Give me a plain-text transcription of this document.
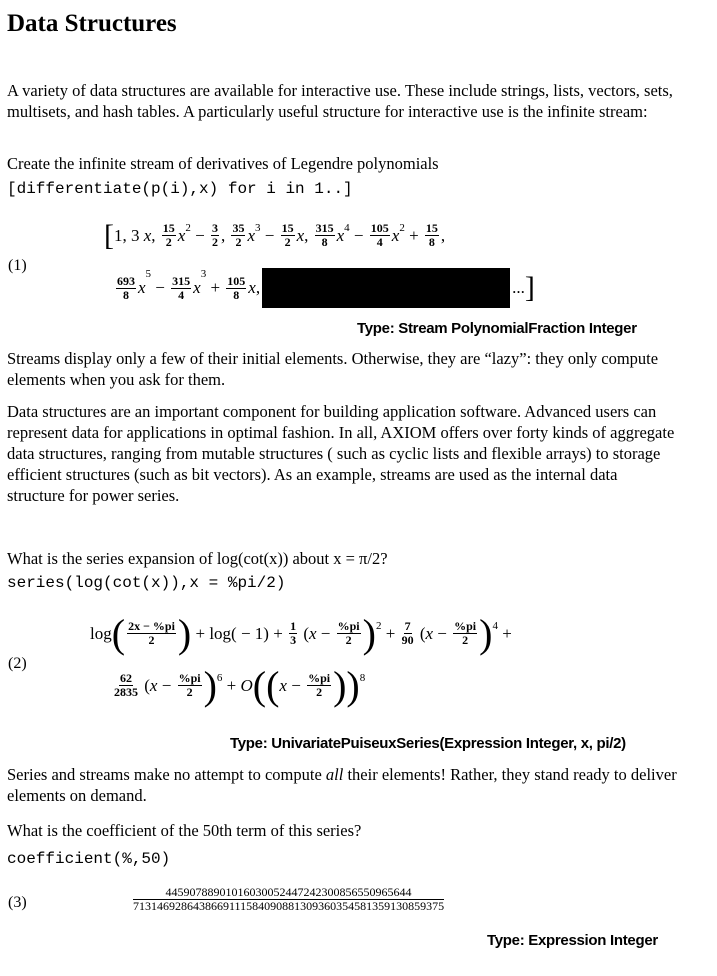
Data Structures
A variety of data structures are available for interactive use. These include strings, lists, vectors, sets, multisets, and hash tables. A particularly useful structure for interactive use is the infinite stream:
Create the infinite stream of derivatives of Legendre polynomials
[differentiate(p(i),x) for i in 1..]
(1)
[ 1, 3 x , $\frac{15}{2} x^2 - \frac{3}{2}$ , $\frac{35}{2} x^3 - \frac{15}{2}$ x , $\frac{315}{8} x^4 - \frac{105}{4} x^2 + \frac{15}{8}$ ,
$\frac{693}{8}$ x
$^5$
− $\frac{315}{4}$ x
$^3$
+ $\frac{105}{8}$ x ,	... ]
Type: Stream PolynomialFraction Integer
Streams display only a few of their initial elements. Otherwise, they are “lazy”: they only compute elements when you ask for them.
Data structures are an important component for building application software. Advanced users can represent data for applications in optimal fashion. In all, AXIOM offers over forty kinds of aggregate data structures, ranging from mutable structures ( such as cyclic lists and flexible arrays) to storage efficient structures (such as bit vectors). As an example, streams are used as the internal data structure for power series.
What is the series expansion of log(cot(x)) about x = π/2?
series(log(cot(x)),x = %pi/2)
(2)
log ( $\frac{2x - \%pi}{2}$ ) + $\log( - 1) + \frac{1}{3}$ ( $x - \frac{\%pi}{2} )^2 + \frac{7}{90}$ ( $x - \frac{\%pi}{2} )^4$ +
$\frac{62}{2835}$ ( $x - \frac{\%pi}{2} )^6 + O$ (( $x - \frac{\%pi}{2} ))^8$
Type: UnivariatePuiseuxSeries(Expression Integer, x, pi/2)
Series and streams make no attempt to compute all their elements! Rather, they stand ready to deliver elements on demand.
What is the coefficient of the 50th term of this series?
coefficient(%,50)
(3)	$\frac{44590788901016030052447242300856550965644}{7131469286438669111584090881309360354581359130859375}$
Type: Expression Integer
